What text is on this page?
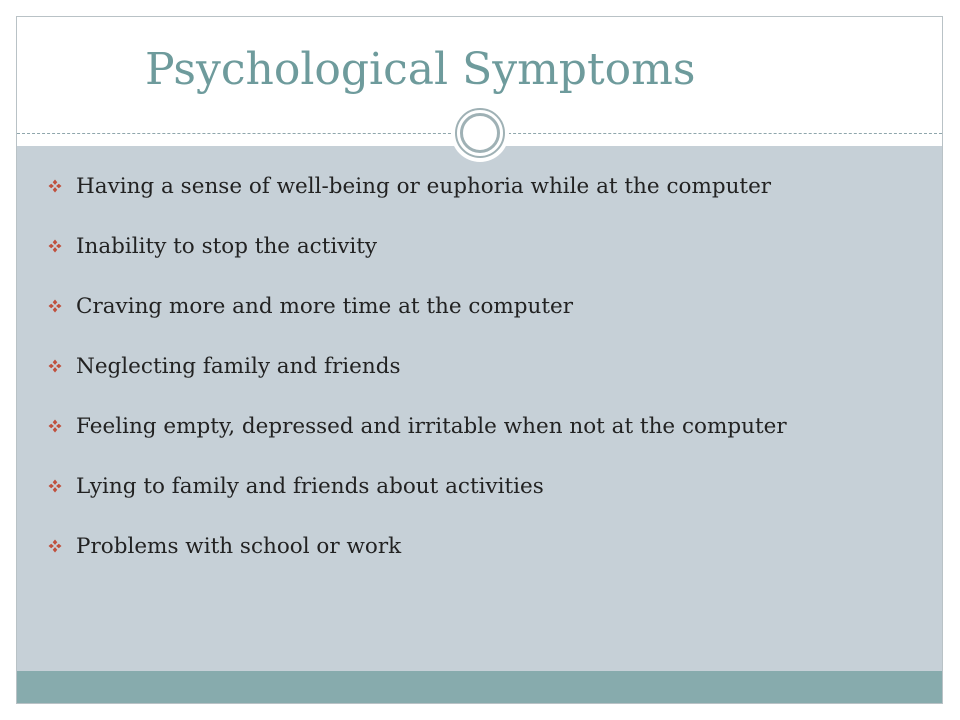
Psychological Symptoms
Having a sense of well-being or euphoria while at the computer
Inability to stop the activity
Craving more and more time at the computer
Neglecting family and friends
Feeling empty, depressed and irritable when not at the computer
Lying to family and friends about activities
Problems with school or work
